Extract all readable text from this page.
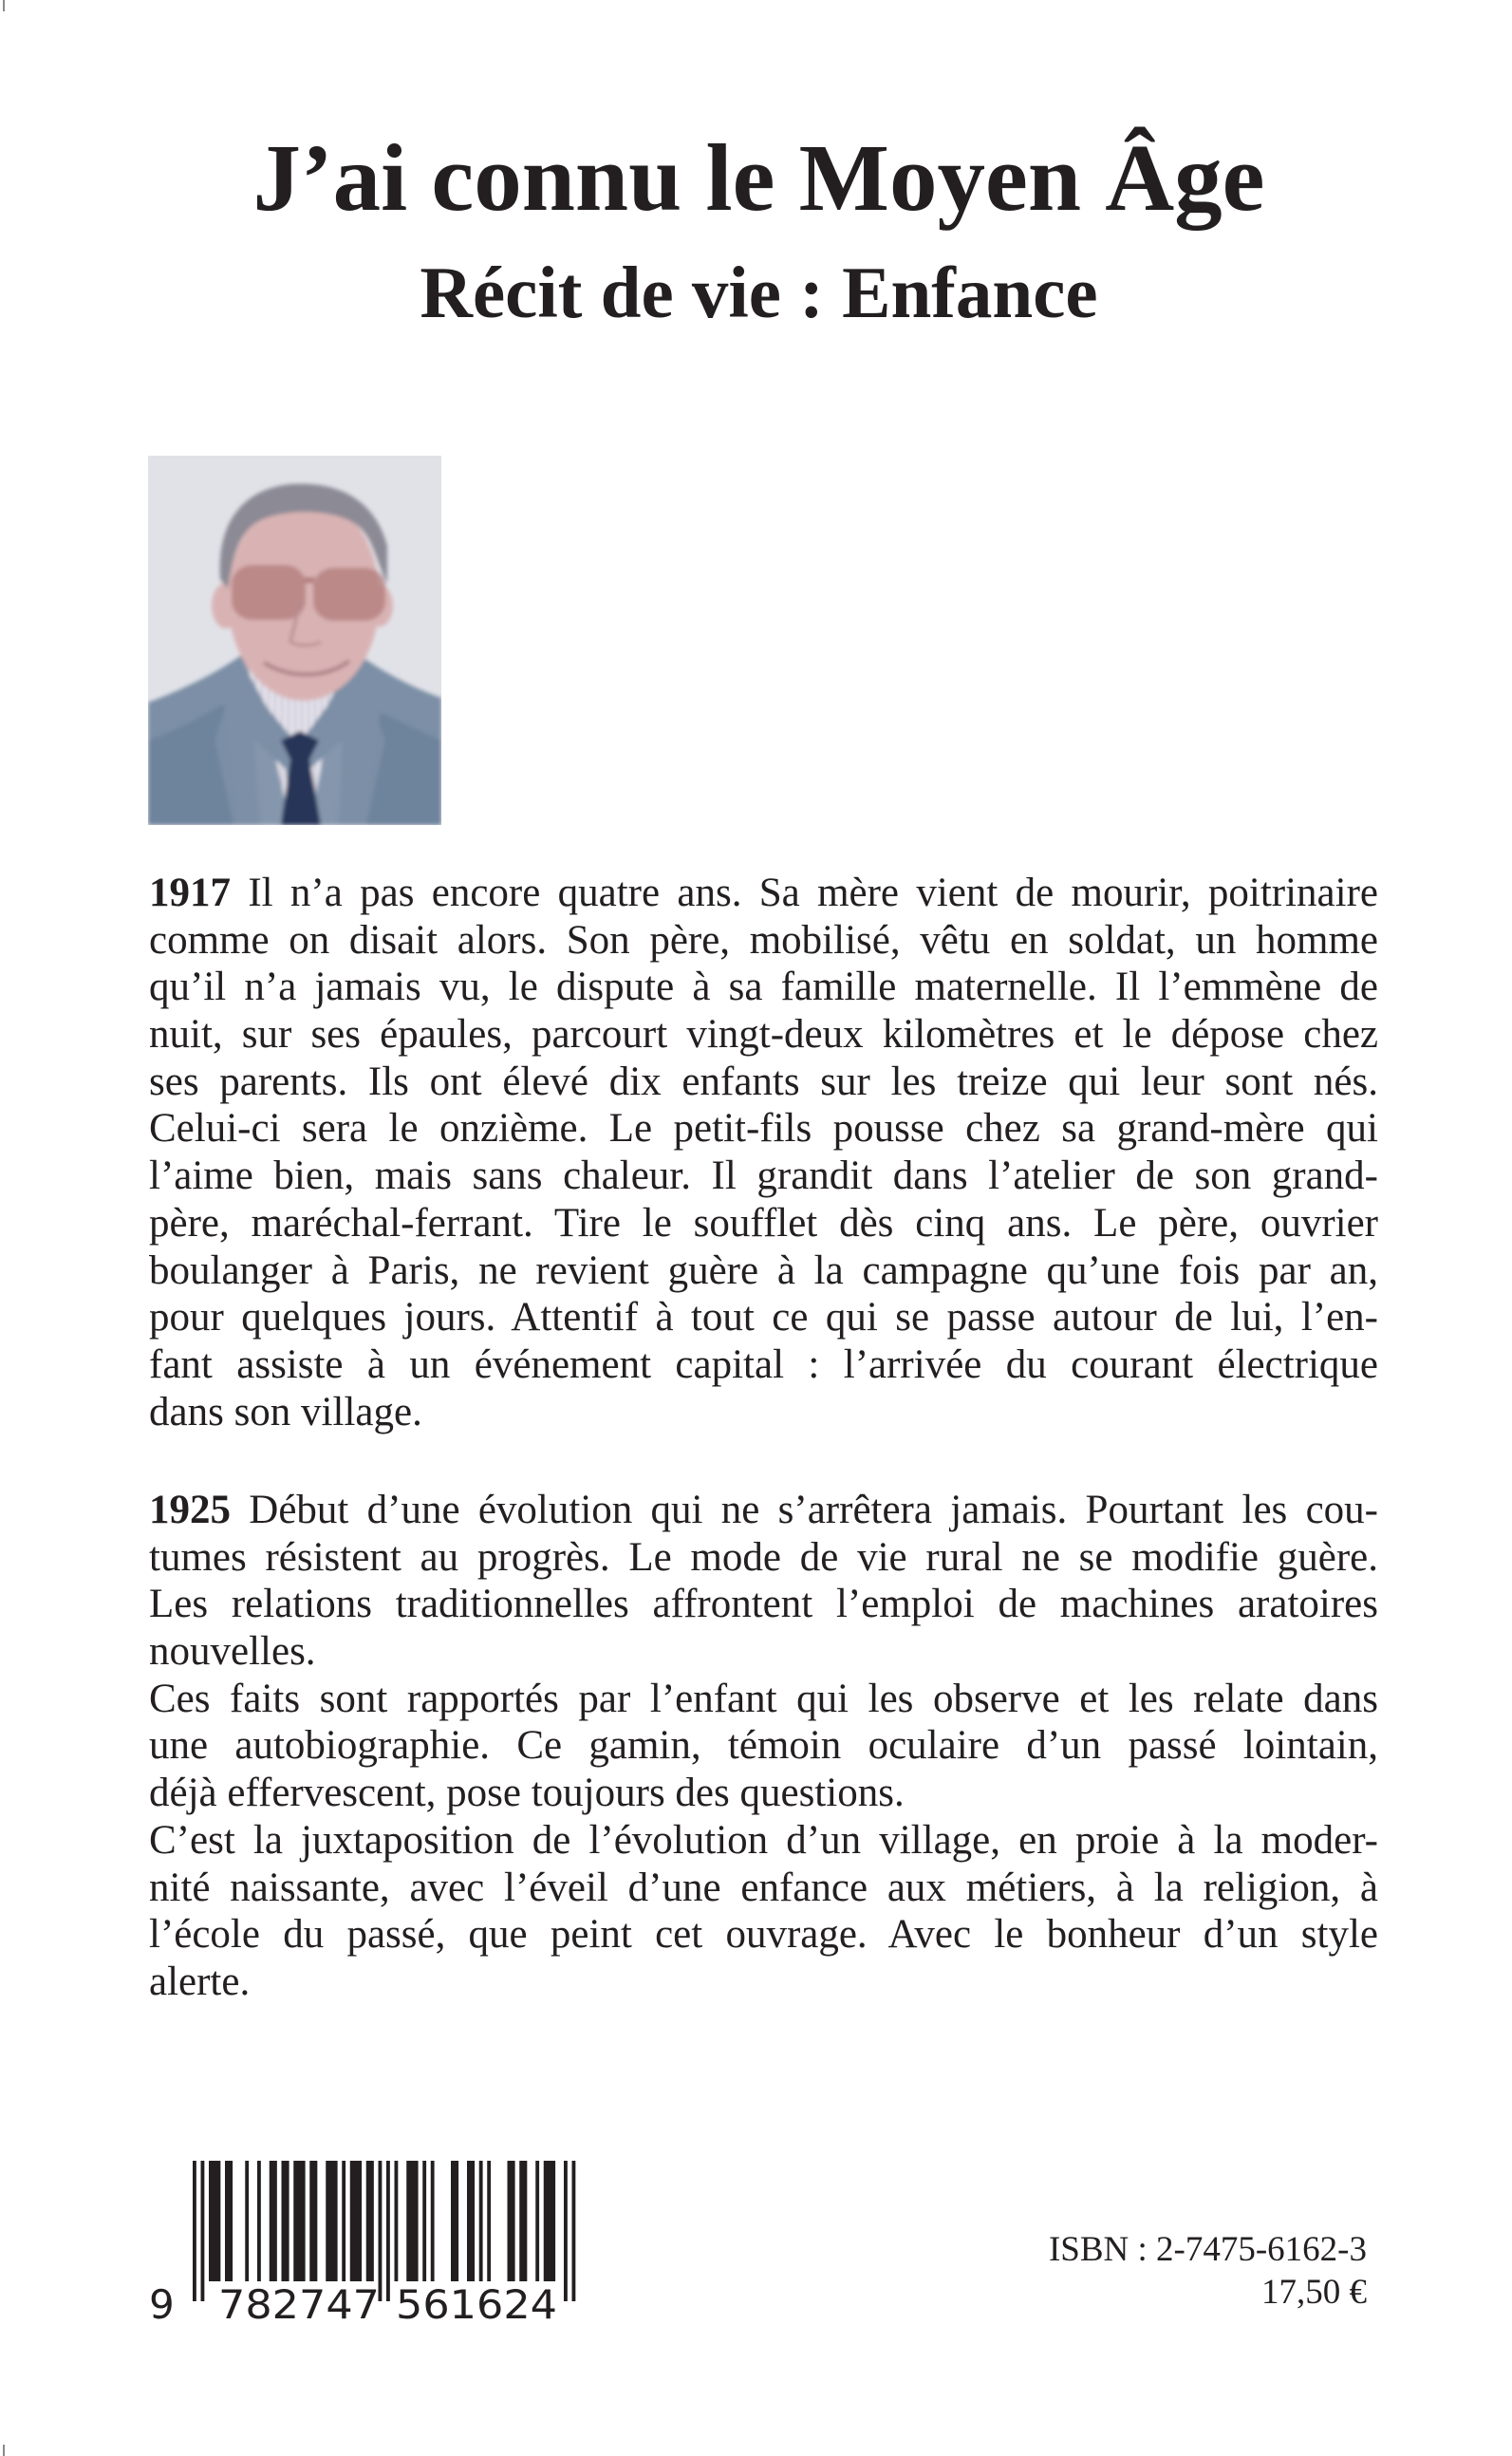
J’ai connu le Moyen Âge
Récit de vie : Enfance
1917 Il n’a pas encore quatre ans. Sa mère vient de mourir, poitrinaire
comme on disait alors. Son père, mobilisé, vêtu en soldat, un homme
qu’il n’a jamais vu, le dispute à sa famille maternelle. Il l’emmène de
nuit, sur ses épaules, parcourt vingt-deux kilomètres et le dépose chez
ses parents. Ils ont élevé dix enfants sur les treize qui leur sont nés.
Celui-ci sera le onzième. Le petit-fils pousse chez sa grand-mère qui
l’aime bien, mais sans chaleur. Il grandit dans l’atelier de son grand-
père, maréchal-ferrant. Tire le soufflet dès cinq ans. Le père, ouvrier
boulanger à Paris, ne revient guère à la campagne qu’une fois par an,
pour quelques jours. Attentif à tout ce qui se passe autour de lui, l’en-
fant assiste à un événement capital : l’arrivée du courant électrique
dans son village.
1925 Début d’une évolution qui ne s’arrêtera jamais. Pourtant les cou-
tumes résistent au progrès. Le mode de vie rural ne se modifie guère.
Les relations traditionnelles affrontent l’emploi de machines aratoires
nouvelles.
Ces faits sont rapportés par l’enfant qui les observe et les relate dans
une autobiographie. Ce gamin, témoin oculaire d’un passé lointain,
déjà effervescent, pose toujours des questions.
C’est la juxtaposition de l’évolution d’un village, en proie à la moder-
nité naissante, avec l’éveil d’une enfance aux métiers, à la religion, à
l’école du passé, que peint cet ouvrage. Avec le bonheur d’un style
alerte.
9 782747 561624
ISBN : 2-7475-6162-3
17,50 €
